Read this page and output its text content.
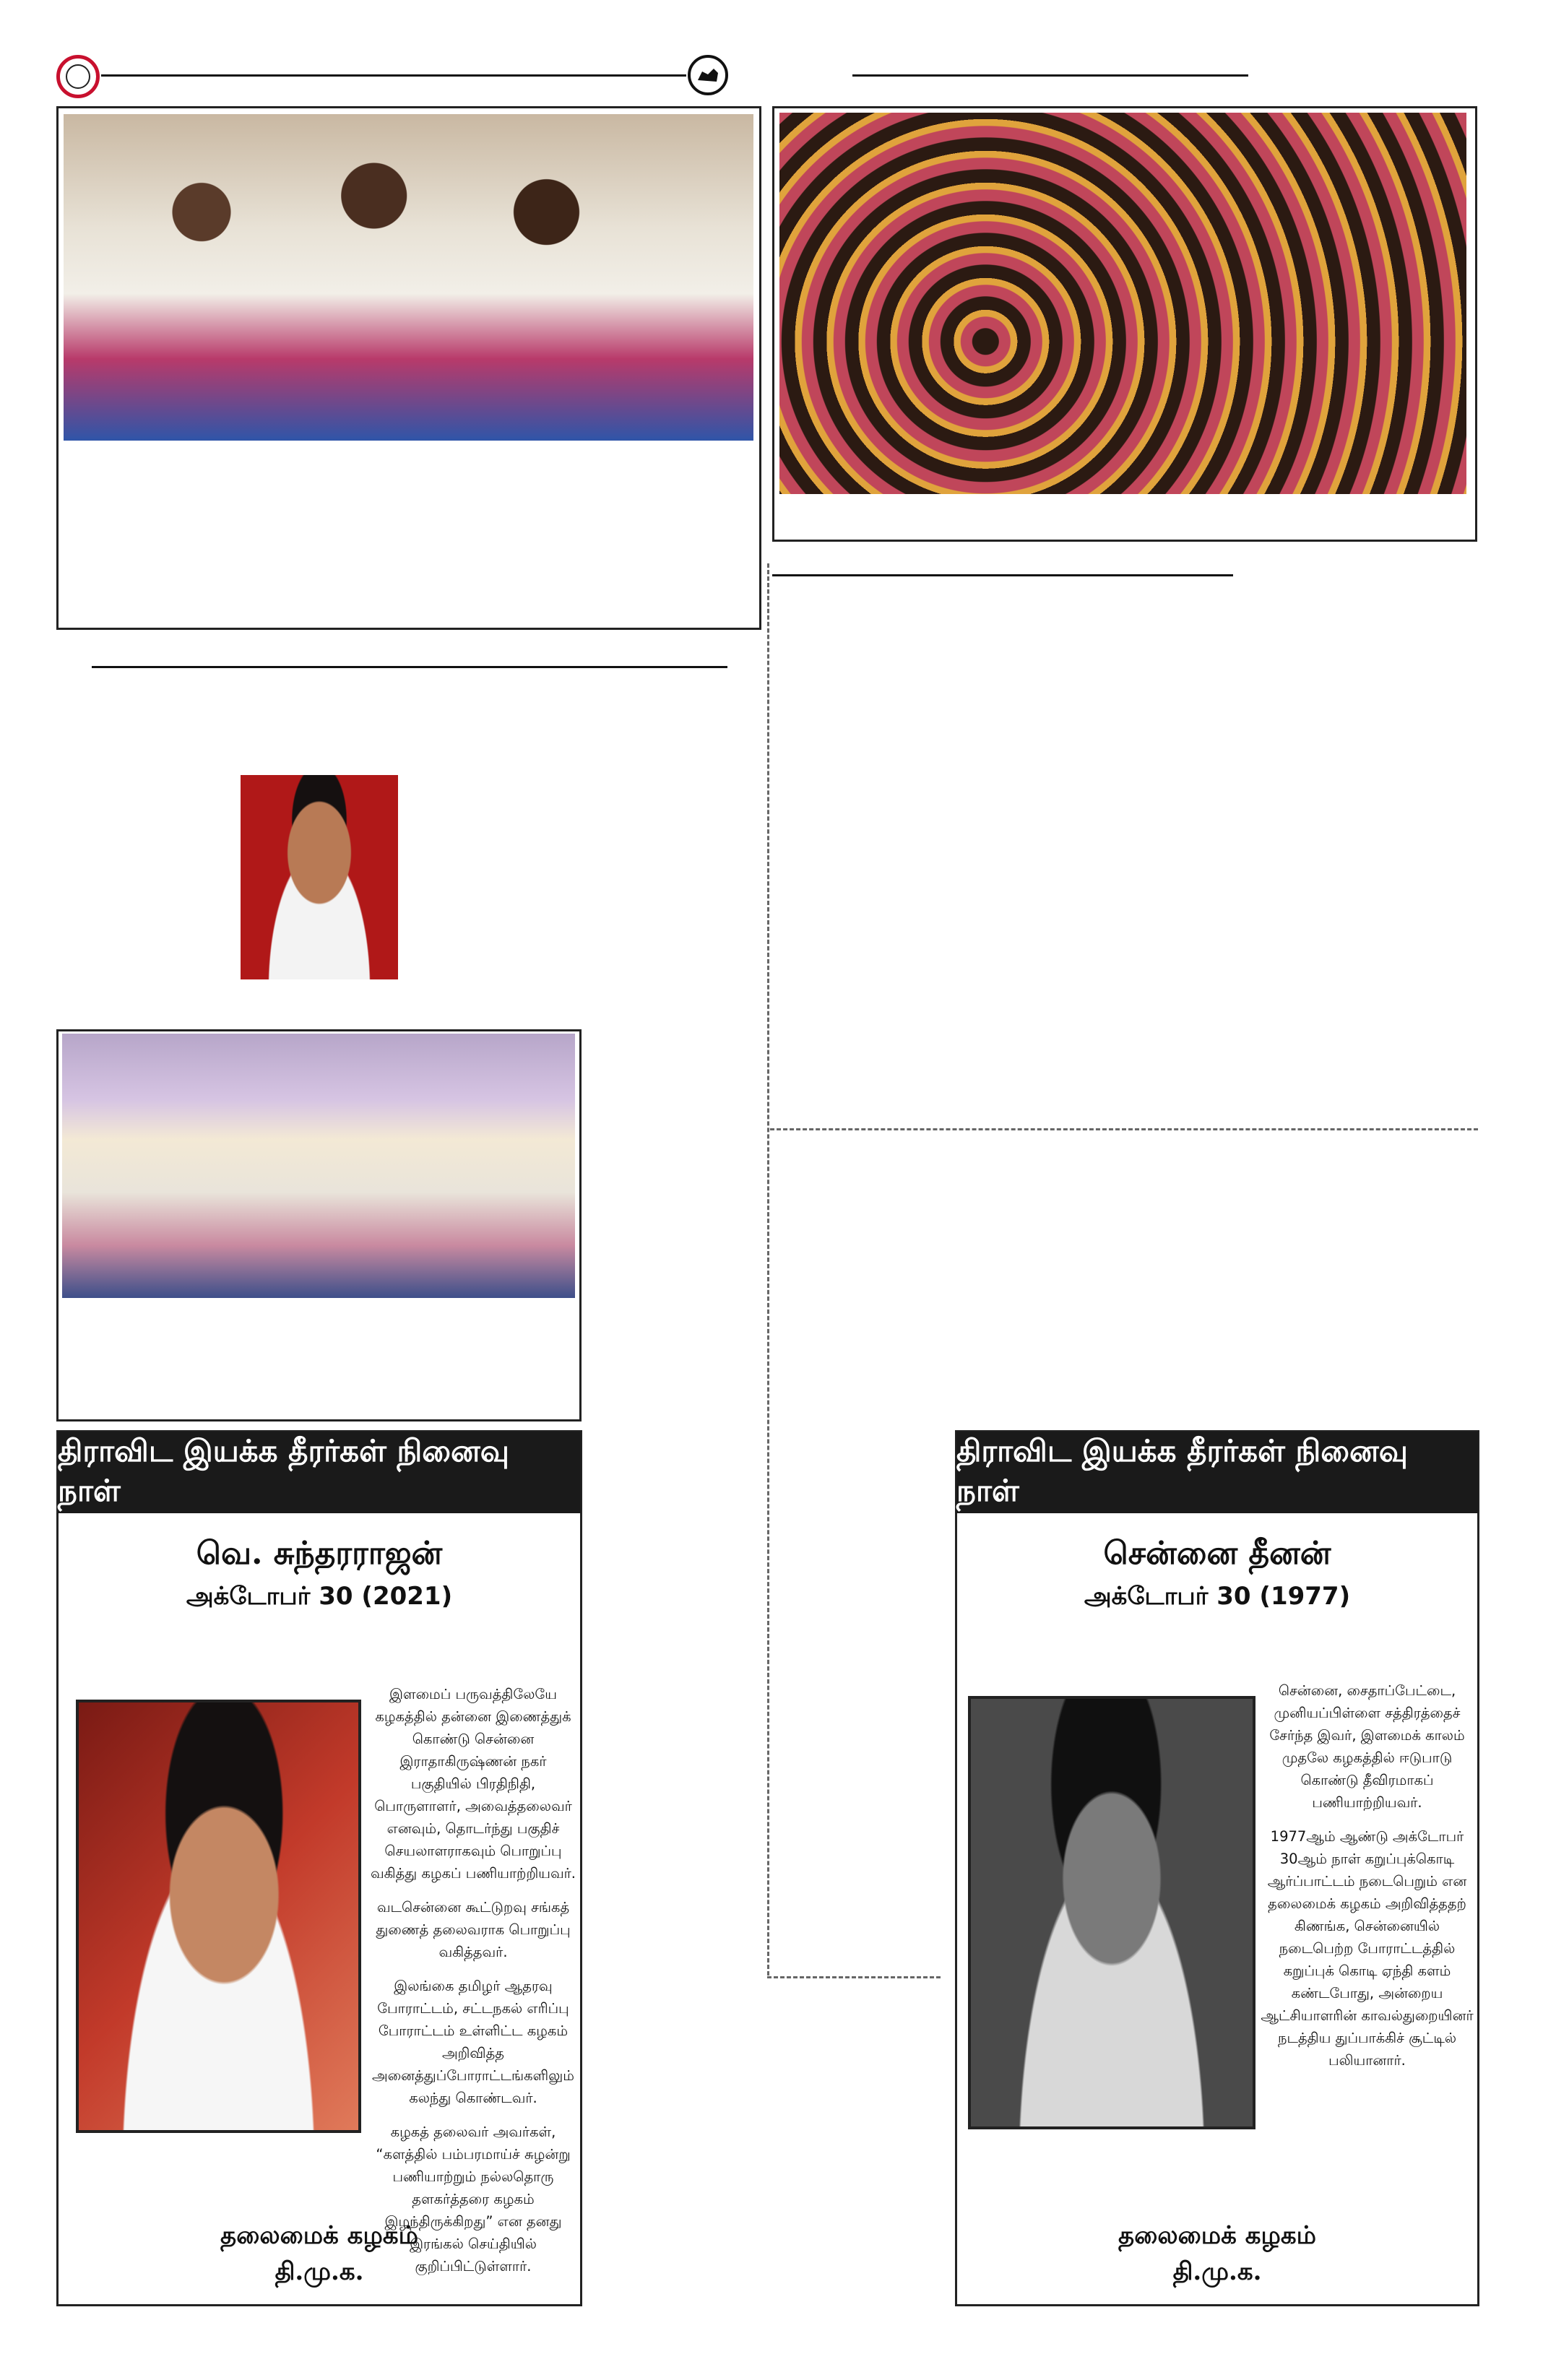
திராவிட இயக்க தீரர்கள் நினைவு நாள்
வெ. சுந்தரராஜன்
அக்டோபர் 30 (2021)

இளமைப் பருவத்திலேயே கழகத்தில் தன்னை இணைத்துக் கொண்டு சென்னை இராதாகிருஷ்ணன் நகர் பகுதியில் பிரதிநிதி, பொருளாளர், அவைத்தலைவர் எனவும், தொடர்ந்து பகுதிச் செயலாளராகவும் பொறுப்பு வகித்து கழகப் பணியாற்றியவர்.

வடசென்னை கூட்டுறவு சங்கத் துணைத் தலைவராக பொறுப்பு வகித்தவர்.

இலங்கை தமிழர் ஆதரவு போராட்டம், சட்டநகல் எரிப்பு போராட்டம் உள்ளிட்ட கழகம் அறிவித்த அனைத்துப்போராட்டங்களிலும் கலந்து கொண்டவர்.

கழகத் தலைவர் அவர்கள், “களத்தில் பம்பரமாய்ச் சுழன்று பணியாற்றும் நல்லதொரு தளகர்த்தரை கழகம் இழந்திருக்கிறது” என தனது இரங்கல் செய்தியில் குறிப்பிட்டுள்ளார்.

தலைமைக் கழகம்
தி.மு.க.
திராவிட இயக்க தீரர்கள் நினைவு நாள்
சென்னை தீனன்
அக்டோபர் 30 (1977)

சென்னை, சைதாப்பேட்டை, முனியப்பிள்ளை சத்திரத்தைச் சேர்ந்த இவர், இளமைக் காலம் முதலே கழகத்தில் ஈடுபாடு கொண்டு தீவிரமாகப் பணியாற்றியவர்.

1977ஆம் ஆண்டு அக்டோபர் 30ஆம் நாள் கறுப்புக்கொடி ஆர்ப்பாட்டம் நடைபெறும் என தலைமைக் கழகம் அறிவித்ததற் கிணங்க, சென்னையில் நடைபெற்ற போராட்டத்தில் கறுப்புக் கொடி ஏந்தி களம் கண்டபோது, அன்றைய ஆட்சியாளரின் காவல்துறையினர் நடத்திய துப்பாக்கிச் சூட்டில் பலியானார்.

தலைமைக் கழகம்
தி.மு.க.
